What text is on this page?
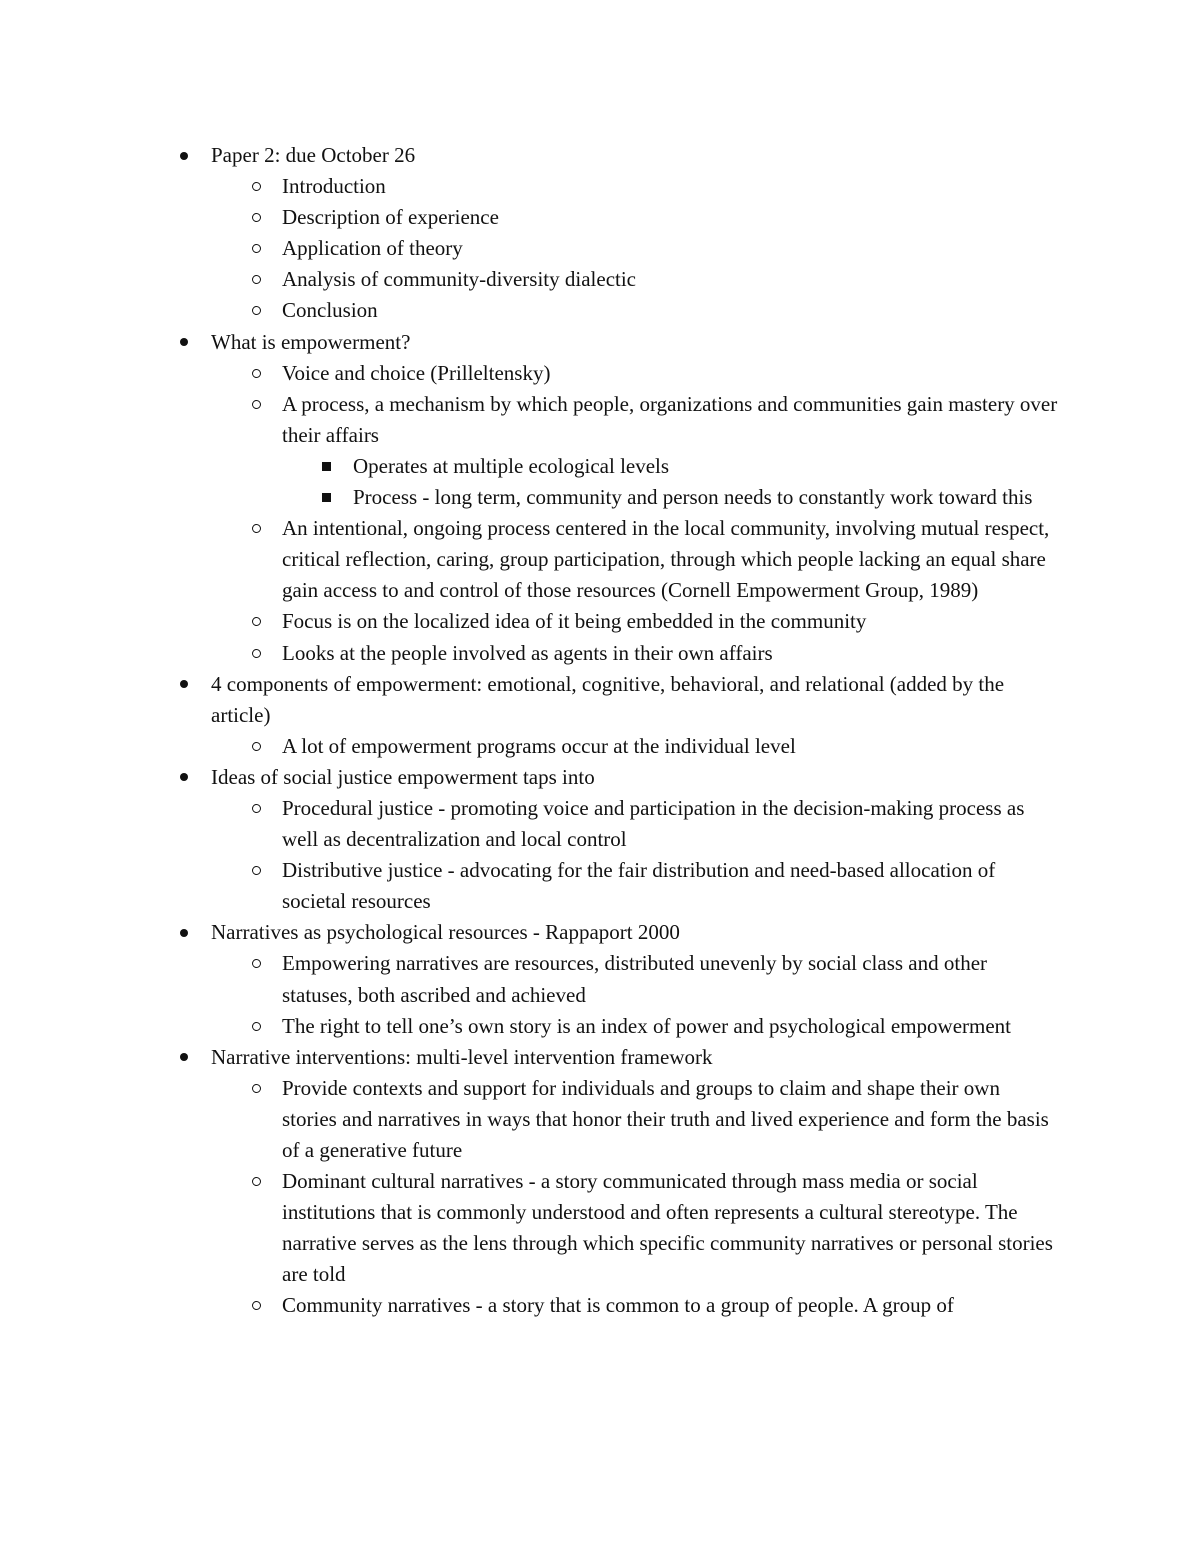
Paper 2: due October 26
Introduction
Description of experience
Application of theory
Analysis of community-diversity dialectic
Conclusion
What is empowerment?
Voice and choice (Prilleltensky)
A process, a mechanism by which people, organizations and communities gain mastery over their affairs
Operates at multiple ecological levels
Process - long term, community and person needs to constantly work toward this
An intentional, ongoing process centered in the local community, involving mutual respect, critical reflection, caring, group participation, through which people lacking an equal share gain access to and control of those resources (Cornell Empowerment Group, 1989)
Focus is on the localized idea of it being embedded in the community
Looks at the people involved as agents in their own affairs
4 components of empowerment: emotional, cognitive, behavioral, and relational (added by the article)
A lot of empowerment programs occur at the individual level
Ideas of social justice empowerment taps into
Procedural justice - promoting voice and participation in the decision-making process as well as decentralization and local control
Distributive justice - advocating for the fair distribution and need-based allocation of societal resources
Narratives as psychological resources - Rappaport 2000
Empowering narratives are resources, distributed unevenly by social class and other statuses, both ascribed and achieved
The right to tell one’s own story is an index of power and psychological empowerment
Narrative interventions: multi-level intervention framework
Provide contexts and support for individuals and groups to claim and shape their own stories and narratives in ways that honor their truth and lived experience and form the basis of a generative future
Dominant cultural narratives - a story communicated through mass media or social institutions that is commonly understood and often represents a cultural stereotype. The narrative serves as the lens through which specific community narratives or personal stories are told
Community narratives - a story that is common to a group of people. A group of
